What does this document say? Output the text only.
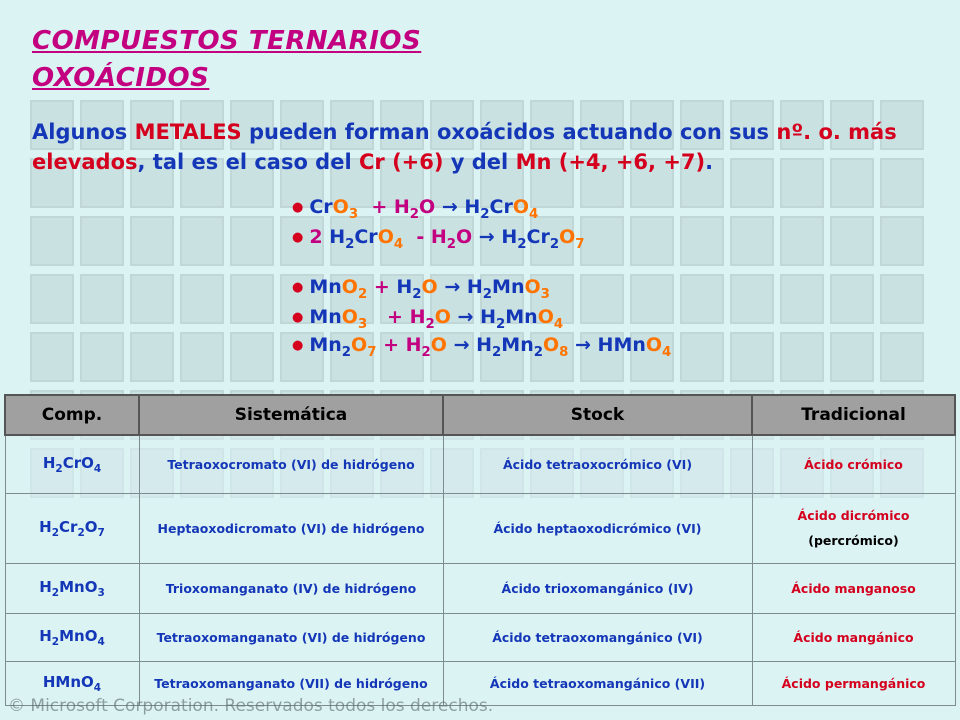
COMPUESTOS TERNARIOS
OXOÁCIDOS
Algunos METALES pueden forman oxoácidos actuando con sus nº. o. más elevados, tal es el caso del Cr (+6) y del Mn (+4, +6, +7).
● $CrO_3 + H_2O \to H_2CrO_4$
● 2 $H_2CrO_4 - H_2O \to H_2Cr_2O_7$
● $MnO_2 + H_2O \to H_2MnO_3$
● $MnO_3 + H_2O \to H_2MnO_4$
● $Mn_2O_7 + H_2O \to H_2Mn_2O_8$ → HMnO$_4$
Comp.	Sistemática	Stock	Tradicional
$H_2CrO_4$	Tetraoxocromato (VI) de hidrógeno	Ácido tetraoxocrómico (VI)	Ácido crómico
$H_2Cr_2O_7$	Heptaoxodicromato (VI) de hidrógeno	Ácido heptaoxodicrómico (VI)	Ácido dicrómico
(percrómico)

$H_2MnO_3$	Trioxomanganato (IV) de hidrógeno	Ácido trioxomangánico (IV)	Ácido manganoso
$H_2MnO_4$	Tetraoxomanganato (VI) de hidrógeno	Ácido tetraoxomangánico (VI)	Ácido mangánico
HMnO$_4$	Tetraoxomanganato (VII) de hidrógeno	Ácido tetraoxomangánico (VII)	Ácido permangánico
© Microsoft Corporation. Reservados todos los derechos.
